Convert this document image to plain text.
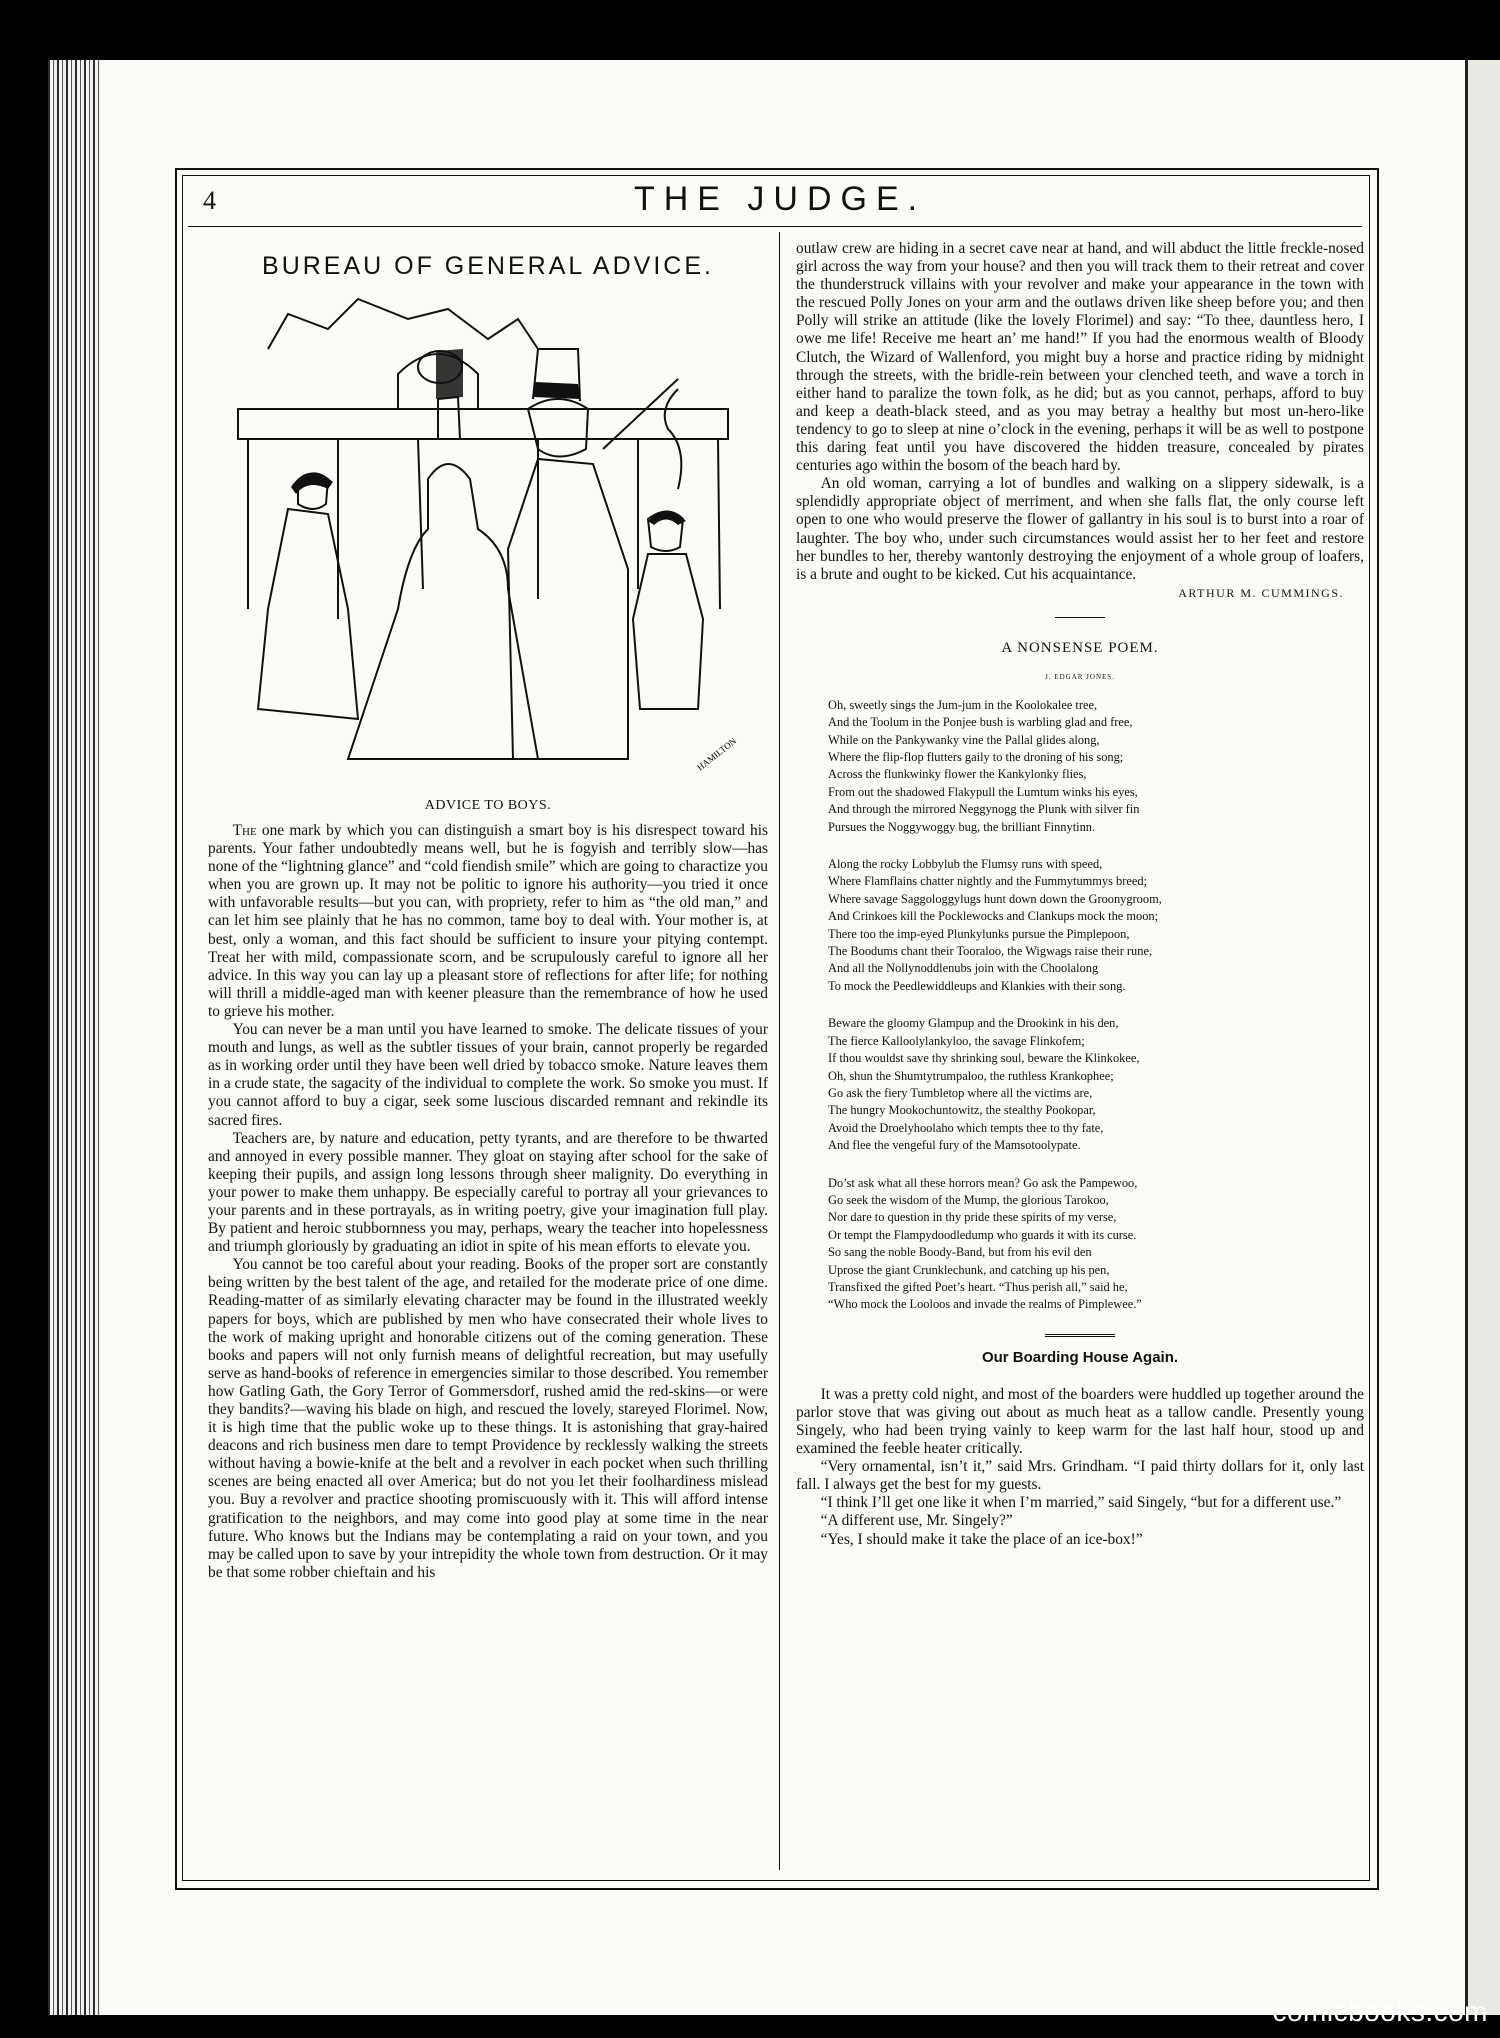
4	THE JUDGE.
BUREAU OF GENERAL ADVICE.
HAMILTON
ADVICE TO BOYS.

The one mark by which you can distinguish a smart boy is his disrespect toward his parents. Your father undoubtedly means well, but he is fogyish and terribly slow—has none of the “lightning glance” and “cold fiendish smile” which are going to charactize you when you are grown up. It may not be politic to ignore his authority—you tried it once with unfavorable results—but you can, with propriety, refer to him as “the old man,” and can let him see plainly that he has no common, tame boy to deal with. Your mother is, at best, only a woman, and this fact should be sufficient to insure your pitying contempt. Treat her with mild, compassionate scorn, and be scrupulously careful to ignore all her advice. In this way you can lay up a pleasant store of reflections for after life; for nothing will thrill a middle-aged man with keener pleasure than the remembrance of how he used to grieve his mother.

You can never be a man until you have learned to smoke. The delicate tissues of your mouth and lungs, as well as the subtler tissues of your brain, cannot properly be regarded as in working order until they have been well dried by tobacco smoke. Nature leaves them in a crude state, the sagacity of the individual to complete the work. So smoke you must. If you cannot afford to buy a cigar, seek some luscious discarded remnant and rekindle its sacred fires.

Teachers are, by nature and education, petty tyrants, and are therefore to be thwarted and annoyed in every possible manner. They gloat on staying after school for the sake of keeping their pupils, and assign long lessons through sheer malignity. Do everything in your power to make them unhappy. Be especially careful to portray all your grievances to your parents and in these portrayals, as in writing poetry, give your imagination full play. By patient and heroic stubbornness you may, perhaps, weary the teacher into hopelessness and triumph gloriously by graduating an idiot in spite of his mean efforts to elevate you.

You cannot be too careful about your reading. Books of the proper sort are constantly being written by the best talent of the age, and retailed for the moderate price of one dime. Reading-matter of as similarly elevating character may be found in the illustrated weekly papers for boys, which are published by men who have consecrated their whole lives to the work of making upright and honorable citizens out of the coming generation. These books and papers will not only furnish means of delightful recreation, but may usefully serve as hand-books of reference in emergencies similar to those described. You remember how Gatling Gath, the Gory Terror of Gommersdorf, rushed amid the red-skins—or were they bandits?—waving his blade on high, and rescued the lovely, stareyed Florimel. Now, it is high time that the public woke up to these things. It is astonishing that gray-haired deacons and rich business men dare to tempt Providence by recklessly walking the streets without having a bowie-knife at the belt and a revolver in each pocket when such thrilling scenes are being enacted all over America; but do not you let their foolhardiness mislead you. Buy a revolver and practice shooting promiscuously with it. This will afford intense gratification to the neighbors, and may come into good play at some time in the near future. Who knows but the Indians may be contemplating a raid on your town, and you may be called upon to save by your intrepidity the whole town from destruction. Or it may be that some robber chieftain and his

outlaw crew are hiding in a secret cave near at hand, and will abduct the little freckle-nosed girl across the way from your house? and then you will track them to their retreat and cover the thunderstruck villains with your revolver and make your appearance in the town with the rescued Polly Jones on your arm and the outlaws driven like sheep before you; and then Polly will strike an attitude (like the lovely Florimel) and say: “To thee, dauntless hero, I owe me life! Receive me heart an’ me hand!” If you had the enormous wealth of Bloody Clutch, the Wizard of Wallenford, you might buy a horse and practice riding by midnight through the streets, with the bridle-rein between your clenched teeth, and wave a torch in either hand to paralize the town folk, as he did; but as you cannot, perhaps, afford to buy and keep a death-black steed, and as you may betray a healthy but most un-hero-like tendency to go to sleep at nine o’clock in the evening, perhaps it will be as well to postpone this daring feat until you have discovered the hidden treasure, concealed by pirates centuries ago within the bosom of the beach hard by.

An old woman, carrying a lot of bundles and walking on a slippery sidewalk, is a splendidly appropriate object of merriment, and when she falls flat, the only course left open to one who would preserve the flower of gallantry in his soul is to burst into a roar of laughter. The boy who, under such circumstances would assist her to her feet and restore her bundles to her, thereby wantonly destroying the enjoyment of a whole group of loafers, is a brute and ought to be kicked. Cut his acquaintance.

ARTHUR M. CUMMINGS.
A NONSENSE POEM.
J. EDGAR JONES.
Oh, sweetly sings the Jum-jum in the Koolokalee tree,
And the Toolum in the Ponjee bush is warbling glad and free,
While on the Pankywanky vine the Pallal glides along,
Where the flip-flop flutters gaily to the droning of his song;
Across the flunkwinky flower the Kankylonky flies,
From out the shadowed Flakypull the Lumtum winks his eyes,
And through the mirrored Neggynogg the Plunk with silver fin
Pursues the Noggywoggy bug, the brilliant Finnytinn.
Along the rocky Lobbylub the Flumsy runs with speed,
Where Flamflains chatter nightly and the Fummytummys breed;
Where savage Saggologgylugs hunt down down the Groonygroom,
And Crinkoes kill the Pocklewocks and Clankups mock the moon;
There too the imp-eyed Plunkylunks pursue the Pimplepoon,
The Boodums chant their Tooraloo, the Wigwags raise their rune,
And all the Nollynoddlenubs join with the Choolalong
To mock the Peedlewiddleups and Klankies with their song.
Beware the gloomy Glampup and the Drookink in his den,
The fierce Kalloolylankyloo, the savage Flinkofem;
If thou wouldst save thy shrinking soul, beware the Klinkokee,
Oh, shun the Shumtytrumpaloo, the ruthless Krankophee;
Go ask the fiery Tumbletop where all the victims are,
The hungry Mookochuntowitz, the stealthy Pookopar,
Avoid the Droelyhoolaho which tempts thee to thy fate,
And flee the vengeful fury of the Mamsotoolypate.
Do’st ask what all these horrors mean? Go ask the Pampewoo,
Go seek the wisdom of the Mump, the glorious Tarokoo,
Nor dare to question in thy pride these spirits of my verse,
Or tempt the Flampydoodledump who guards it with its curse.
So sang the noble Boody-Band, but from his evil den
Uprose the giant Crunklechunk, and catching up his pen,
Transfixed the gifted Poet’s heart. “Thus perish all,” said he,
“Who mock the Looloos and invade the realms of Pimplewee.”
Our Boarding House Again.

It was a pretty cold night, and most of the boarders were huddled up together around the parlor stove that was giving out about as much heat as a tallow candle. Presently young Singely, who had been trying vainly to keep warm for the last half hour, stood up and examined the feeble heater critically.

“Very ornamental, isn’t it,” said Mrs. Grindham. “I paid thirty dollars for it, only last fall. I always get the best for my guests.

“I think I’ll get one like it when I’m married,” said Singely, “but for a different use.”

“A different use, Mr. Singely?”

“Yes, I should make it take the place of an ice-box!”

comicbooks.com
